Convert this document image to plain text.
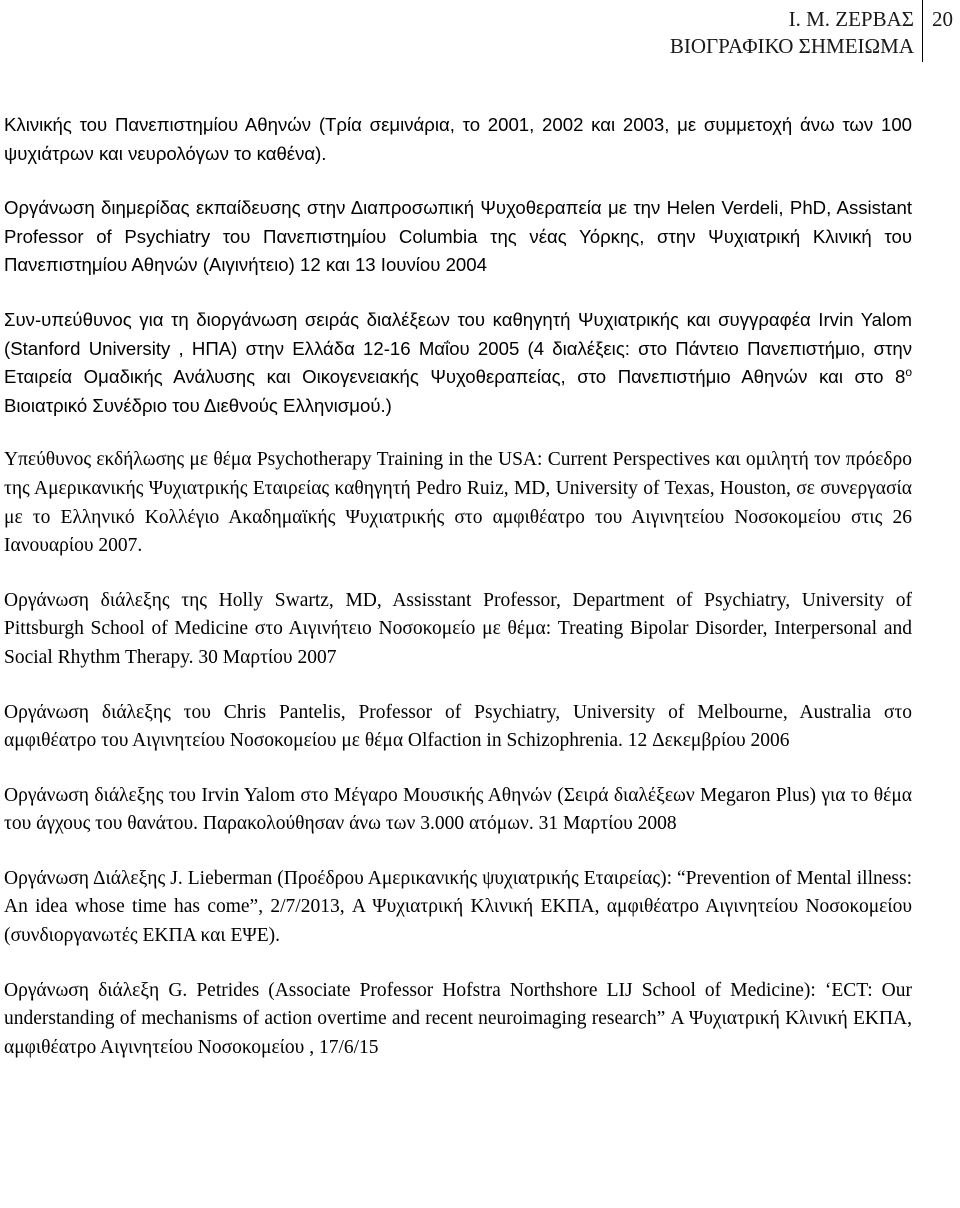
Ι. Μ. ΖΕΡΒΑΣ
ΒΙΟΓΡΑΦΙΚΟ ΣΗΜΕΙΩΜΑ
20

Κλινικής του Πανεπιστημίου Αθηνών (Τρία σεμινάρια, το 2001, 2002 και 2003, με συμμετοχή άνω των 100 ψυχιάτρων και νευρολόγων το καθένα).

Οργάνωση διημερίδας εκπαίδευσης στην Διαπροσωπική Ψυχοθεραπεία με την Helen Verdeli, PhD, Assistant Professor of Psychiatry του Πανεπιστημίου Columbia της νέας Υόρκης, στην Ψυχιατρική Κλινική του Πανεπιστημίου Αθηνών (Αιγινήτειο) 12 και 13 Ιουνίου 2004

Συν-υπεύθυνος για τη διοργάνωση σειράς διαλέξεων του καθηγητή Ψυχιατρικής και συγγραφέα Irvin Yalom (Stanford University , ΗΠΑ) στην Ελλάδα 12-16 Μαΐου 2005 (4 διαλέξεις: στο Πάντειο Πανεπιστήμιο, στην Εταιρεία Ομαδικής Ανάλυσης και Οικογενειακής Ψυχοθεραπείας, στο Πανεπιστήμιο Αθηνών και στο $8^o$ Βιοιατρικό Συνέδριο του Διεθνούς Ελληνισμού.)

Υπεύθυνος εκδήλωσης με θέμα Psychotherapy Training in the USA: Current Perspectives και ομιλητή τον πρόεδρο της Αμερικανικής Ψυχιατρικής Εταιρείας καθηγητή Pedro Ruiz, MD, University of Texas, Houston, σε συνεργασία με το Ελληνικό Κολλέγιο Ακαδημαϊκής Ψυχιατρικής στο αμφιθέατρο του Αιγινητείου Νοσοκομείου στις 26 Ιανουαρίου 2007.

Οργάνωση διάλεξης της Holly Swartz, MD, Assisstant Professor, Department of Psychiatry, University of Pittsburgh School of Medicine στο Αιγινήτειο Νοσοκομείο με θέμα: Treating Bipolar Disorder, Interpersonal and Social Rhythm Therapy. 30 Μαρτίου 2007

Οργάνωση διάλεξης του Chris Pantelis, Professor of Psychiatry, University of Melbourne, Australia στο αμφιθέατρο του Αιγινητείου Νοσοκομείου με θέμα Olfaction in Schizophrenia. 12 Δεκεμβρίου 2006

Οργάνωση διάλεξης του Irvin Yalom στο Μέγαρο Μουσικής Αθηνών (Σειρά διαλέξεων Megaron Plus) για το θέμα του άγχους του θανάτου. Παρακολούθησαν άνω των 3.000 ατόμων. 31 Μαρτίου 2008

Οργάνωση Διάλεξης J. Lieberman (Προέδρου Αμερικανικής ψυχιατρικής Εταιρείας): “Prevention of Mental illness: An idea whose time has come”, 2/7/2013, Α Ψυχιατρική Κλινική ΕΚΠΑ, αμφιθέατρο Αιγινητείου Νοσοκομείου (συνδιοργανωτές ΕΚΠΑ και ΕΨΕ).

Οργάνωση διάλεξη G. Petrides (Associate Professor Hofstra Northshore LIJ School of Medicine): ‘ECT: Our understanding of mechanisms of action overtime and recent neuroimaging research” Α Ψυχιατρική Κλινική ΕΚΠΑ, αμφιθέατρο Αιγινητείου Νοσοκομείου , 17/6/15
